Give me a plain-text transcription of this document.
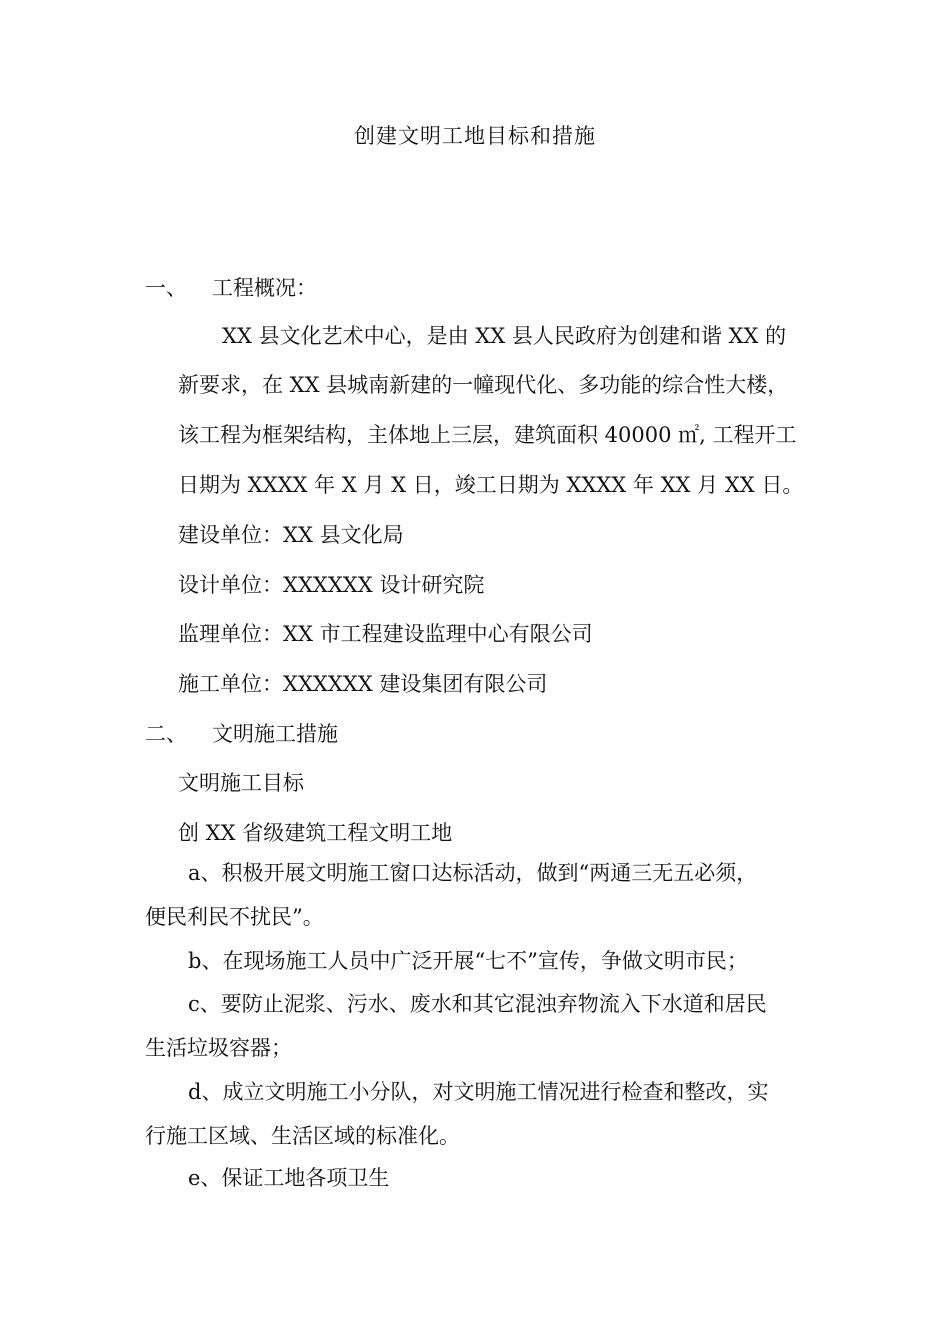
创建文明工地目标和措施
一、 工程概况：
XX 县文化艺术中心，是由 XX 县人民政府为创建和谐 XX 的
新要求，在 XX 县城南新建的一幢现代化、多功能的综合性大楼，
该工程为框架结构，主体地上三层，建筑面积 40000 ㎡, 工程开工
日期为 XXXX 年 X 月 X 日，竣工日期为 XXXX 年 XX 月 XX 日。
建设单位：XX 县文化局
设计单位：XXXXXX 设计研究院
监理单位：XX 市工程建设监理中心有限公司
施工单位：XXXXXX 建设集团有限公司
二、 文明施工措施
文明施工目标
创 XX 省级建筑工程文明工地
a、积极开展文明施工窗口达标活动，做到“两通三无五必须，
便民利民不扰民”。
b、在现场施工人员中广泛开展“七不”宣传，争做文明市民；
c、要防止泥浆、污水、废水和其它混浊弃物流入下水道和居民
生活垃圾容器；
d、成立文明施工小分队，对文明施工情况进行检查和整改，实
行施工区域、生活区域的标准化。
e、保证工地各项卫生
